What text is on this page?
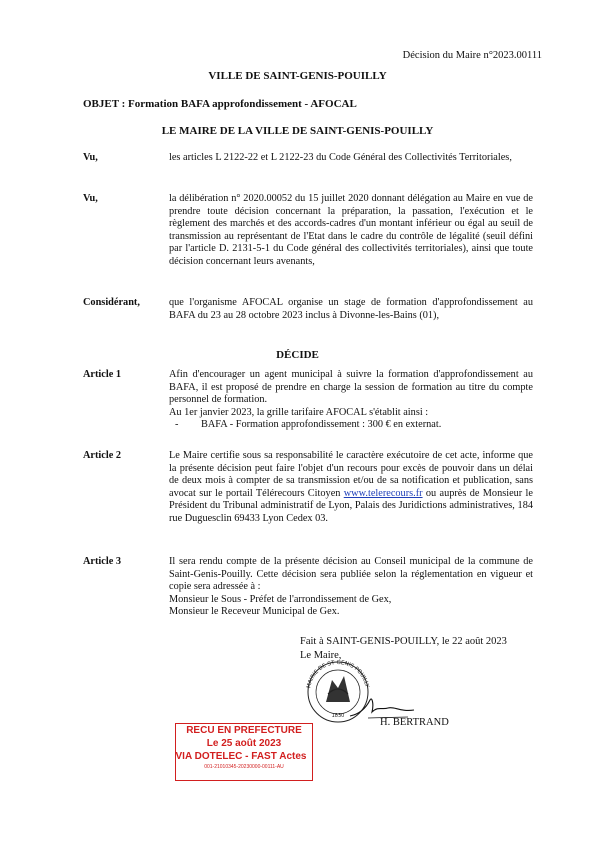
Décision du Maire n°2023.00111
VILLE DE SAINT-GENIS-POUILLY
OBJET : Formation BAFA approfondissement - AFOCAL
LE MAIRE DE LA VILLE DE SAINT-GENIS-POUILLY
Vu,	les articles L 2122-22 et L 2122-23 du Code Général des Collectivités Territoriales,
Vu,	la délibération n° 2020.00052 du 15 juillet 2020 donnant délégation au Maire en vue de prendre toute décision concernant la préparation, la passation, l'exécution et le règlement des marchés et des accords-cadres d'un montant inférieur ou égal au seuil de transmission au représentant de l'Etat dans le cadre du contrôle de légalité (seuil défini par l'article D. 2131-5-1 du Code général des collectivités territoriales), ainsi que toute décision concernant leurs avenants,
Considérant,	que l'organisme AFOCAL organise un stage de formation d'approfondissement au BAFA du 23 au 28 octobre 2023 inclus à Divonne-les-Bains (01),
DÉCIDE
Article 1	Afin d'encourager un agent municipal à suivre la formation d'approfondissement au BAFA, il est proposé de prendre en charge la session de formation au titre du compte personnel de formation.
Au 1er janvier 2023, la grille tarifaire AFOCAL s'établit ainsi :
- BAFA - Formation approfondissement : 300 € en externat.
Article 2	Le Maire certifie sous sa responsabilité le caractère exécutoire de cet acte, informe que la présente décision peut faire l'objet d'un recours pour excès de pouvoir dans un délai de deux mois à compter de sa transmission et/ou de sa notification et publication, sans avocat sur le portail Télérecours Citoyen www.telerecours.fr ou auprès de Monsieur le Président du Tribunal administratif de Lyon, Palais des Juridictions administratives, 184 rue Duguesclin 69433 Lyon Cedex 03.
Article 3	Il sera rendu compte de la présente décision au Conseil municipal de la commune de Saint-Genis-Pouilly. Cette décision sera publiée selon la réglementation en vigueur et copie sera adressée à :
Monsieur le Sous - Préfet de l'arrondissement de Gex,
Monsieur le Receveur Municipal de Gex.
Fait à SAINT-GENIS-POUILLY, le 22 août 2023
Le Maire,
MAIRIE DE ST GENIS POUILLY
1830
H. BERTRAND
RECU EN PREFECTURE
Le 25 août 2023
VIA DOTELEC - FAST Actes
001-21010345-20230000-00111-AU
